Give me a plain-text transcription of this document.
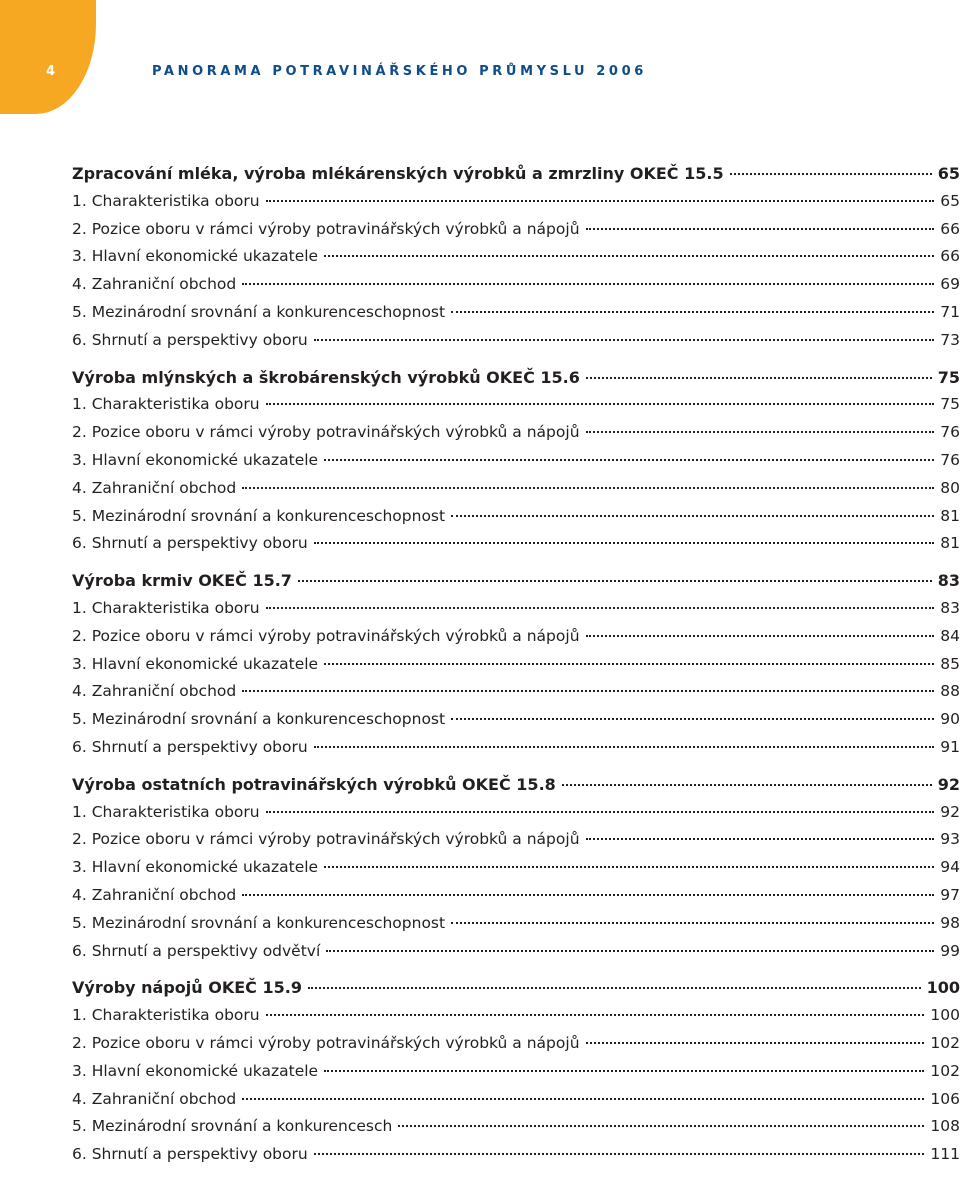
4	PANORAMA POTRAVINÁŘSKÉHO PRŮMYSLU 2006
Zpracování mléka, výroba mlékárenských výrobků a zmrzliny OKEČ 15.5	65
1. Charakteristika oboru	65
2. Pozice oboru v rámci výroby potravinářských výrobků a nápojů	66
3. Hlavní ekonomické ukazatele	66
4. Zahraniční obchod	69
5. Mezinárodní srovnání a konkurenceschopnost	71
6. Shrnutí a perspektivy oboru	73
Výroba mlýnských a škrobárenských výrobků OKEČ 15.6	75
1. Charakteristika oboru	75
2. Pozice oboru v rámci výroby potravinářských výrobků a nápojů	76
3. Hlavní ekonomické ukazatele	76
4. Zahraniční obchod	80
5. Mezinárodní srovnání a konkurenceschopnost	81
6. Shrnutí a perspektivy oboru	81
Výroba krmiv OKEČ 15.7	83
1. Charakteristika oboru	83
2. Pozice oboru v rámci výroby potravinářských výrobků a nápojů	84
3. Hlavní ekonomické ukazatele	85
4. Zahraniční obchod	88
5. Mezinárodní srovnání a konkurenceschopnost	90
6. Shrnutí a perspektivy oboru	91
Výroba ostatních potravinářských výrobků OKEČ 15.8	92
1. Charakteristika oboru	92
2. Pozice oboru v rámci výroby potravinářských výrobků a nápojů	93
3. Hlavní ekonomické ukazatele	94
4. Zahraniční obchod	97
5. Mezinárodní srovnání a konkurenceschopnost	98
6. Shrnutí a perspektivy odvětví	99
Výroby nápojů OKEČ 15.9	100
1. Charakteristika oboru	100
2. Pozice oboru v rámci výroby potravinářských výrobků a nápojů	102
3. Hlavní ekonomické ukazatele	102
4. Zahraniční obchod	106
5. Mezinárodní srovnání a konkurencesch	108
6. Shrnutí a perspektivy oboru	111
